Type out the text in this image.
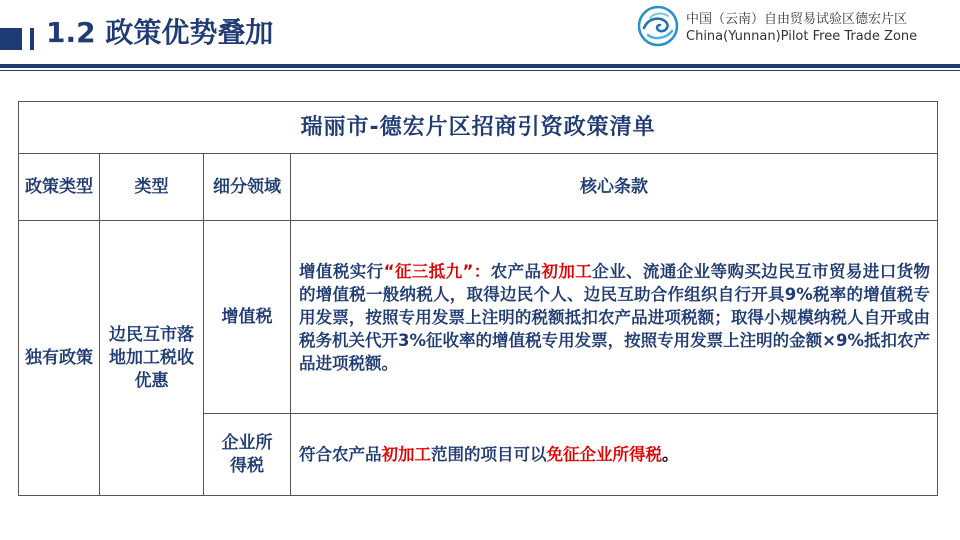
1.2 政策优势叠加	中国（云南）自由贸易试验区德宏片区
China(Yunnan)Pilot Free Trade Zone
瑞丽市-德宏片区招商引资政策清单			
政策类型	类型	细分领域	核心条款
独有政策	边民互市落地加工税收优惠	增值税	增值税实行“征三抵九”：农产品初加工企业、流通企业等购买边民互市贸易进口货物的增值税一般纳税人，取得边民个人、边民互助合作组织自行开具9%税率的增值税专用发票，按照专用发票上注明的税额抵扣农产品进项税额；取得小规模纳税人自开或由税务机关代开3%征收率的增值税专用发票，按照专用发票上注明的金额×9%抵扣农产品进项税额。
		企业所得税	符合农产品初加工范围的项目可以免征企业所得税。
